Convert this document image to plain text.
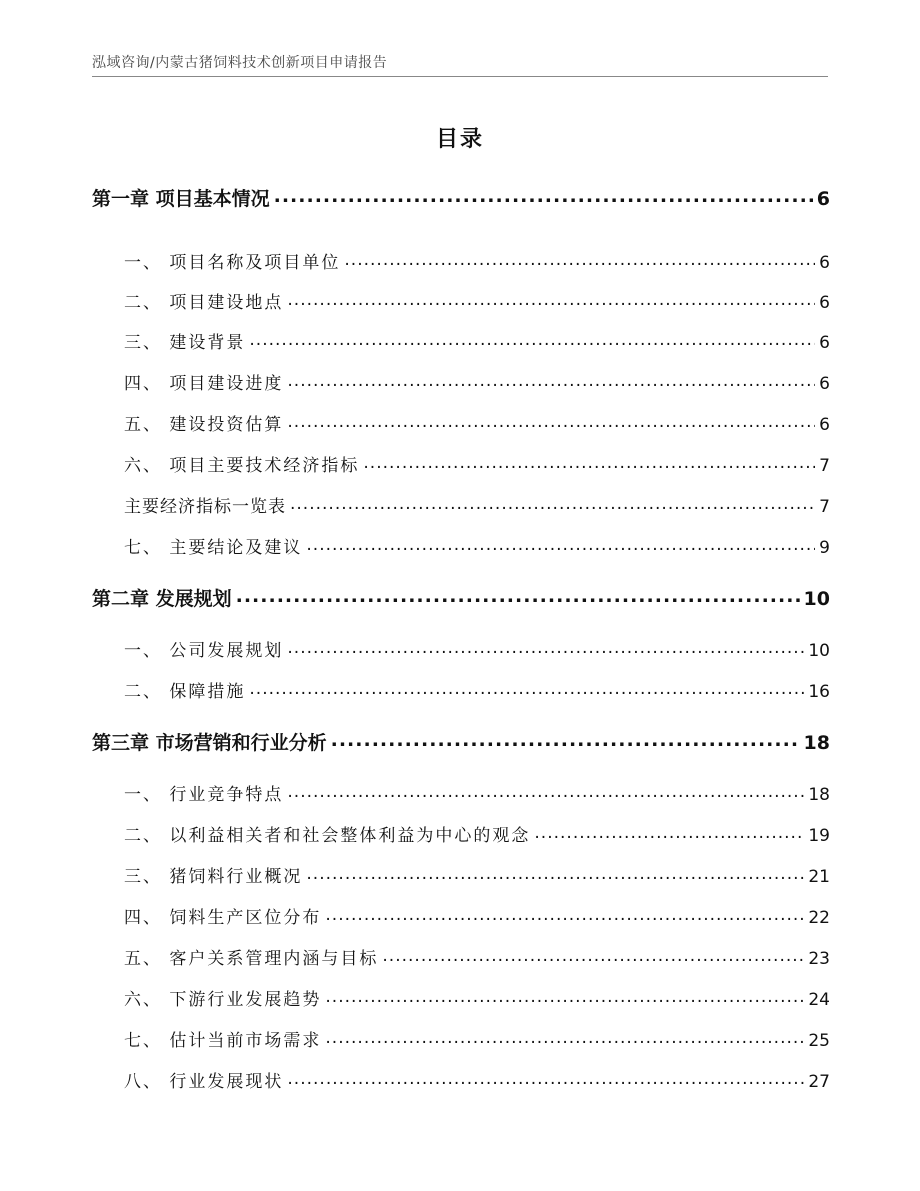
泓域咨询/内蒙古猪饲料技术创新项目申请报告
目录
第一章 项目基本情况 .....	6
一、 项目名称及项目单位 .....	6
二、 项目建设地点 .....	6
三、 建设背景 .....	6
四、 项目建设进度 .....	6
五、 建设投资估算 .....	6
六、 项目主要技术经济指标 .....	7
主要经济指标一览表 .....	7
七、 主要结论及建议 .....	9
第二章 发展规划 .....	10
一、 公司发展规划 .....	10
二、 保障措施 .....	16
第三章 市场营销和行业分析 .....	18
一、 行业竞争特点 .....	18
二、 以利益相关者和社会整体利益为中心的观念 .....	19
三、 猪饲料行业概况 .....	21
四、 饲料生产区位分布 .....	22
五、 客户关系管理内涵与目标 .....	23
六、 下游行业发展趋势 .....	24
七、 估计当前市场需求 .....	25
八、 行业发展现状 .....	27
